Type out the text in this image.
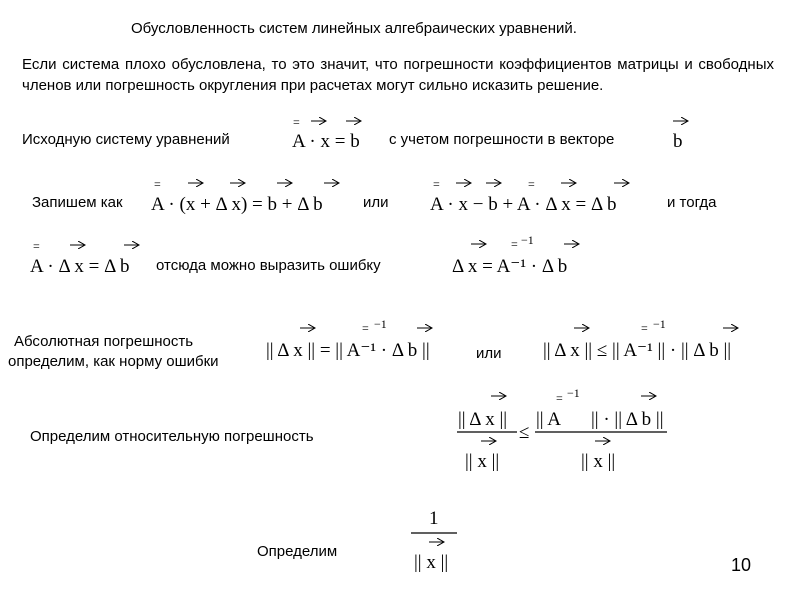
Обусловленность систем линейных алгебраических уравнений.
Если система плохо обусловлена, то это значит, что погрешности коэффициентов матрицы и свободных членов или погрешность округления при расчетах могут сильно исказить решение.
Исходную систему уравнений	A · x = b
=
с учетом погрешности в векторе	b
Запишем как A · (x + Δ x) = b + Δ b
=
или A · x − b + A · Δ x = Δ b
=	=
и тогда
A · Δ x = Δ b
=
отсюда можно выразить ошибку	Δ x = A⁻¹ · Δ b
= −1
Абсолютная погрешность
определим, как норму ошибки
|| Δ x || = || A⁻¹ · Δ b ||
= −1
или || Δ x || ≤ || A⁻¹ || · || Δ b ||
= −1
Определим относительную погрешность
|| Δ x ||
|| x ||
≤
|| A
= −1
|| · || Δ b ||
|| x ||
Определим
1
|| x ||	10
